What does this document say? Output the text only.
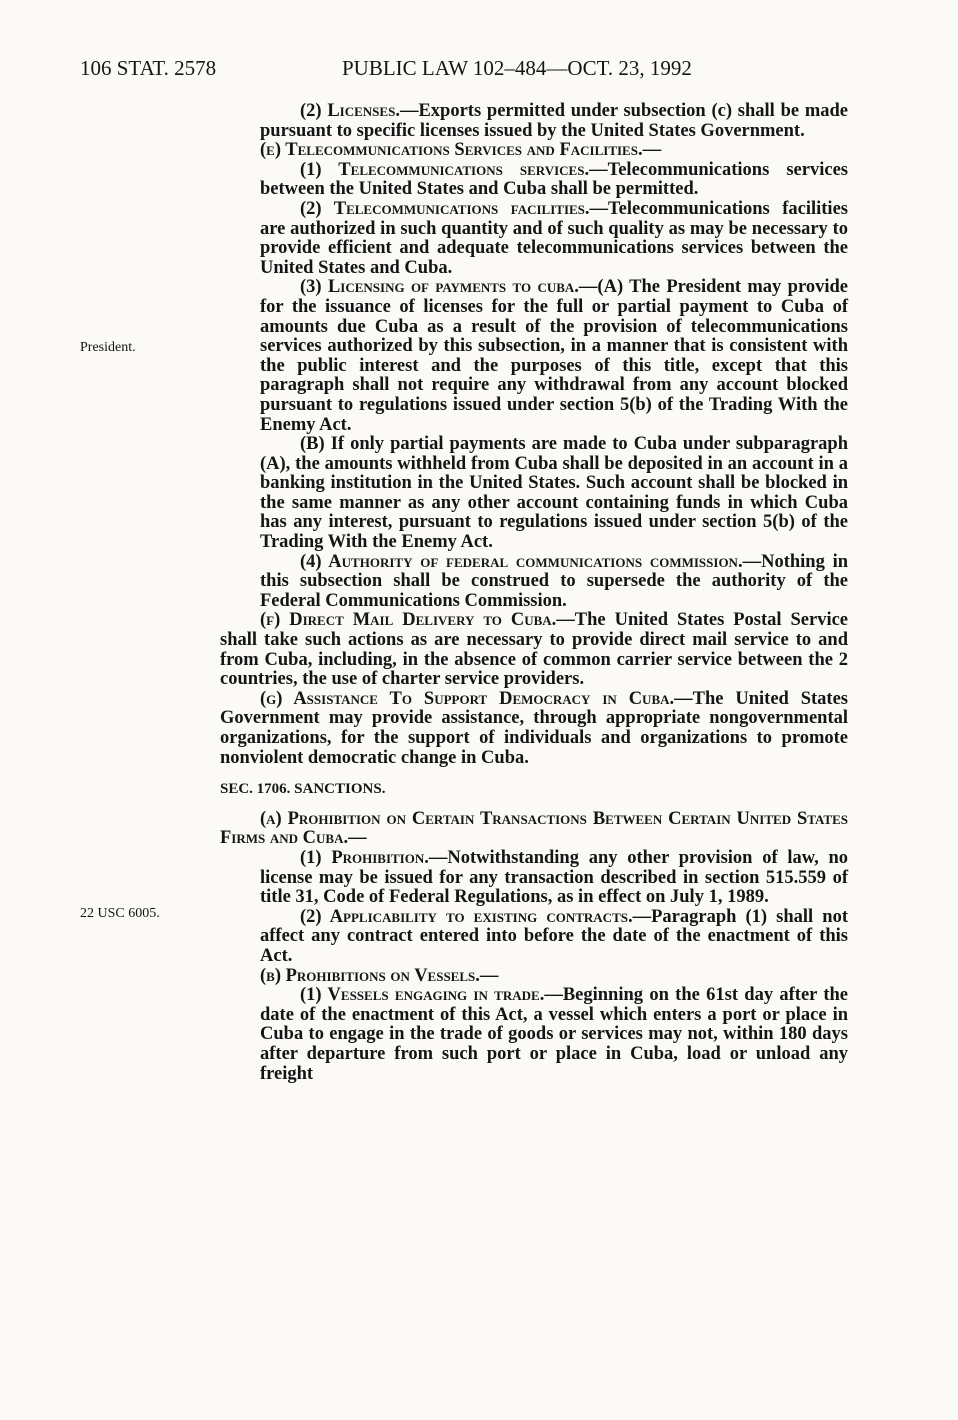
106 STAT. 2578	PUBLIC LAW 102–484—OCT. 23, 1992
President.
22 USC 6005.

(2) Licenses.—Exports permitted under subsection (c) shall be made pursuant to specific licenses issued by the United States Government.

(e) Telecommunications Services and Facilities.—

(1) Telecommunications services.—Telecommunications services between the United States and Cuba shall be permitted.

(2) Telecommunications facilities.—Telecommunications facilities are authorized in such quantity and of such quality as may be necessary to provide efficient and adequate telecommunications services between the United States and Cuba.

(3) Licensing of payments to cuba.—(A) The President may provide for the issuance of licenses for the full or partial payment to Cuba of amounts due Cuba as a result of the provision of telecommunications services authorized by this subsection, in a manner that is consistent with the public interest and the purposes of this title, except that this paragraph shall not require any withdrawal from any account blocked pursuant to regulations issued under section 5(b) of the Trading With the Enemy Act.

(B) If only partial payments are made to Cuba under subparagraph (A), the amounts withheld from Cuba shall be deposited in an account in a banking institution in the United States. Such account shall be blocked in the same manner as any other account containing funds in which Cuba has any interest, pursuant to regulations issued under section 5(b) of the Trading With the Enemy Act.

(4) Authority of federal communications commission.—Nothing in this subsection shall be construed to supersede the authority of the Federal Communications Commission.

(f) Direct Mail Delivery to Cuba.—The United States Postal Service shall take such actions as are necessary to provide direct mail service to and from Cuba, including, in the absence of common carrier service between the 2 countries, the use of charter service providers.

(g) Assistance To Support Democracy in Cuba.—The United States Government may provide assistance, through appropriate nongovernmental organizations, for the support of individuals and organizations to promote nonviolent democratic change in Cuba.

SEC. 1706. SANCTIONS.

(a) Prohibition on Certain Transactions Between Certain United States Firms and Cuba.—

(1) Prohibition.—Notwithstanding any other provision of law, no license may be issued for any transaction described in section 515.559 of title 31, Code of Federal Regulations, as in effect on July 1, 1989.

(2) Applicability to existing contracts.—Paragraph (1) shall not affect any contract entered into before the date of the enactment of this Act.

(b) Prohibitions on Vessels.—

(1) Vessels engaging in trade.—Beginning on the 61st day after the date of the enactment of this Act, a vessel which enters a port or place in Cuba to engage in the trade of goods or services may not, within 180 days after departure from such port or place in Cuba, load or unload any freight
